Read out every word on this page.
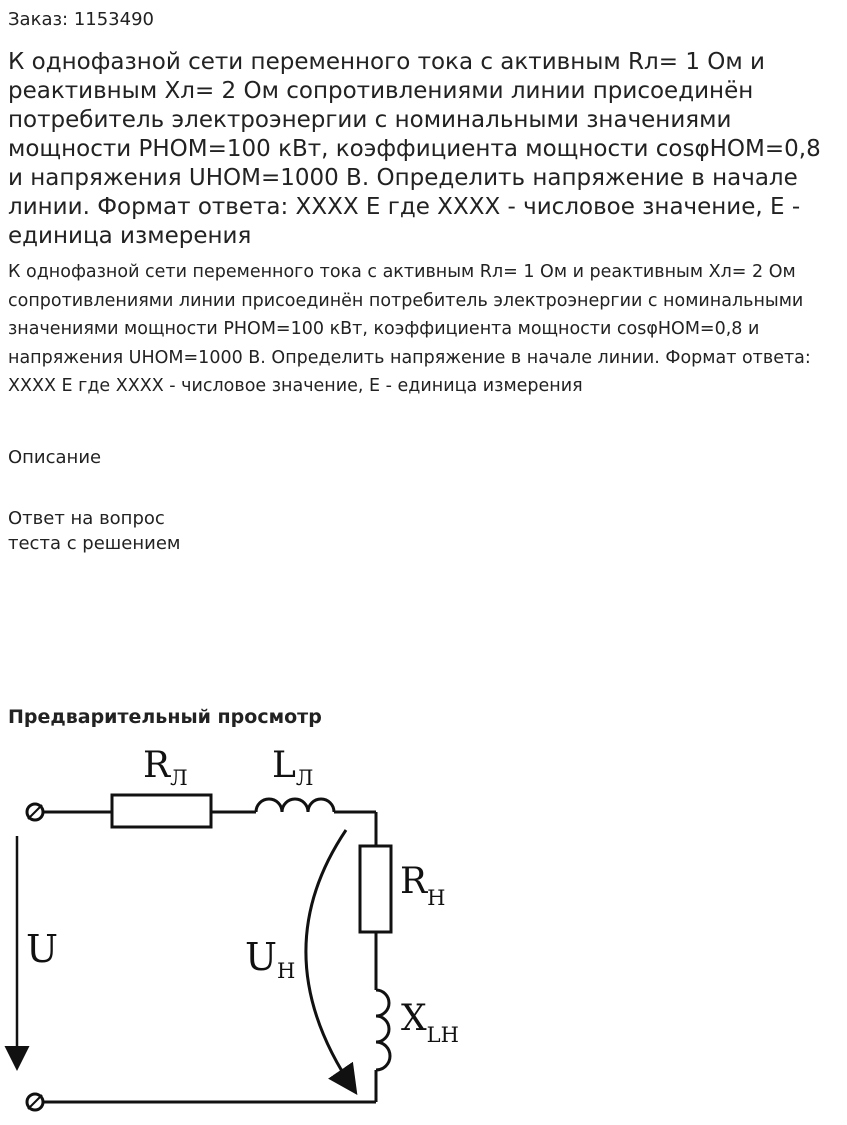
Заказ: 1153490
К однофазной сети переменного тока с активным Rл= 1 Ом и реактивным Хл= 2 Ом сопротивлениями линии присоединён потребитель электроэнергии с номинальными значениями мощности PНОМ=100 кВт, коэффициента мощности cosφНОМ=0,8 и напряжения UНОМ=1000 В. Определить напряжение в начале линии. Формат ответа: XXXX E где XXXX - числовое значение, E - единица измерения

К однофазной сети переменного тока с активным Rл= 1 Ом и реактивным Хл= 2 Ом сопротивлениями линии присоединён потребитель электроэнергии с номинальными значениями мощности PНОМ=100 кВт, коэффициента мощности cosφНОМ=0,8 и напряжения UНОМ=1000 В. Определить напряжение в начале линии. Формат ответа: XXXX E где XXXX - числовое значение, E - единица измерения

Описание
Ответ на вопрос
теста с решением
Предварительный просмотр
$R_Л$ $L_Л$
$R_Н$
$X_{LН}$
U	$U_Н$
